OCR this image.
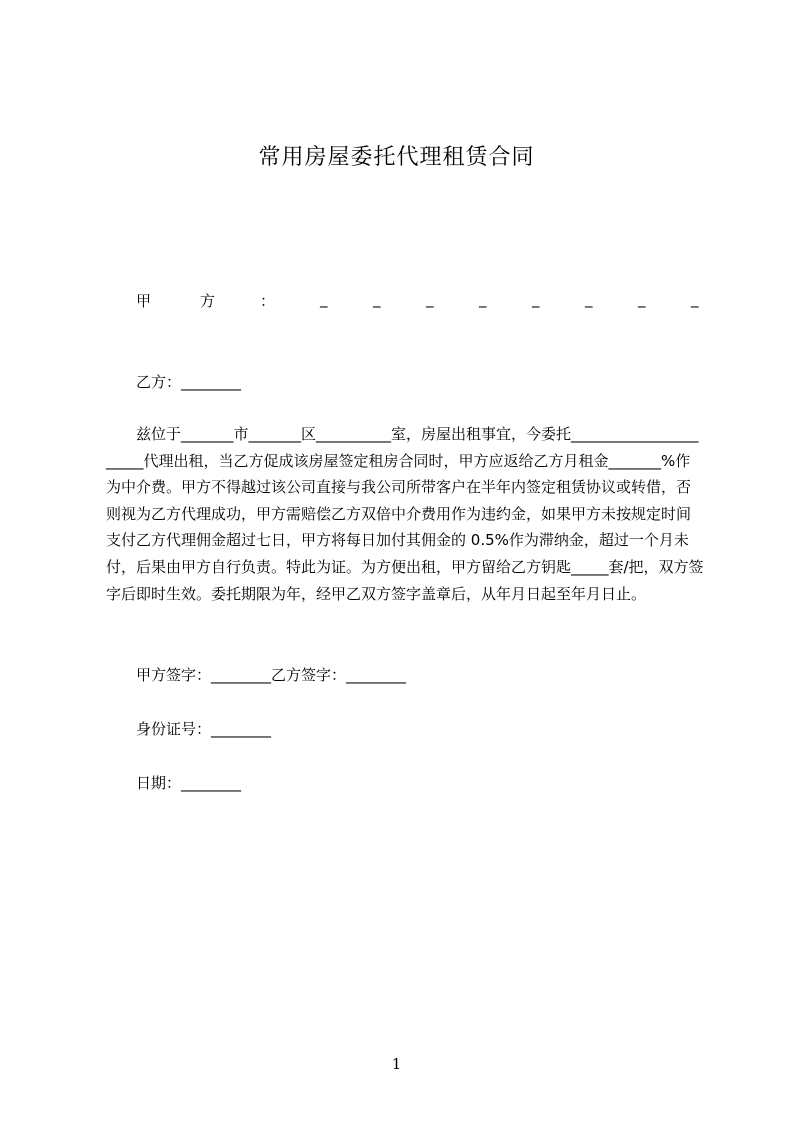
常用房屋委托代理租赁合同
甲	方	：	_	_	_	_	_	_	_	_
乙方：________
兹位于_______市_______区__________室，房屋出租事宜，今委托______________________代理出租，当乙方促成该房屋签定租房合同时，甲方应返给乙方月租金_______%作为中介费。甲方不得越过该公司直接与我公司所带客户在半年内签定租赁协议或转借，否则视为乙方代理成功，甲方需赔偿乙方双倍中介费用作为违约金，如果甲方未按规定时间支付乙方代理佣金超过七日，甲方将每日加付其佣金的 0.5%作为滞纳金，超过一个月未付，后果由甲方自行负责。特此为证。为方便出租，甲方留给乙方钥匙_____套/把，双方签字后即时生效。委托期限为年，经甲乙双方签字盖章后，从年月日起至年月日止。
甲方签字：________乙方签字：________
身份证号：________
日期：________
1
